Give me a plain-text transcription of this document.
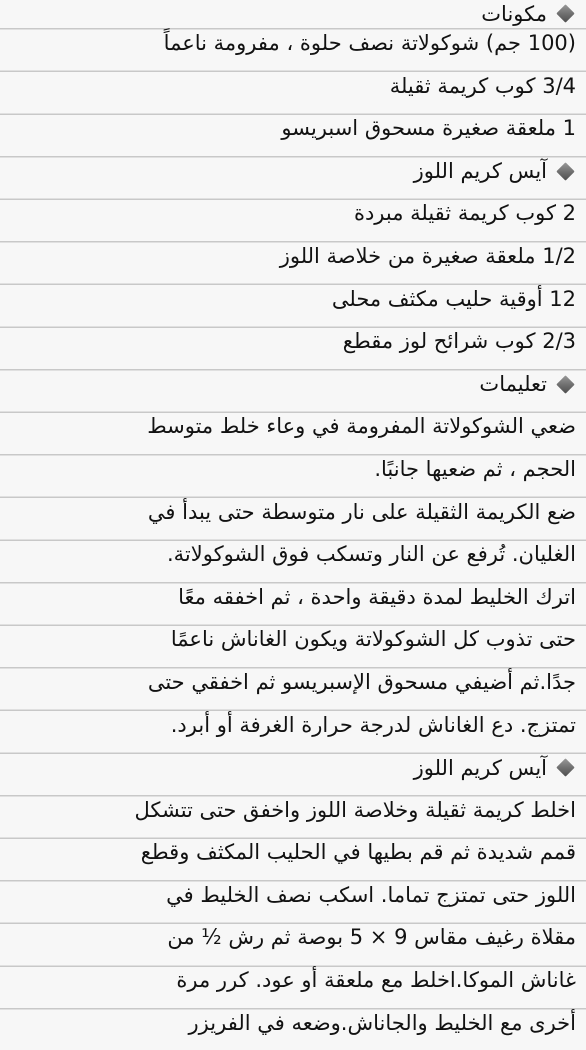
مكونات
(100 جم) شوكولاتة نصف حلوة ، مفرومة ناعماً
3/4 كوب كريمة ثقيلة
1 ملعقة صغيرة مسحوق اسبريسو
آيس كريم اللوز
2 كوب كريمة ثقيلة مبردة
1/2 ملعقة صغيرة من خلاصة اللوز
12 أوقية حليب مكثف محلى
2/3 كوب شرائح لوز مقطع
تعليمات
ضعي الشوكولاتة المفرومة في وعاء خلط متوسط
الحجم ، ثم ضعيها جانبًا.
ضع الكريمة الثقيلة على نار متوسطة حتى يبدأ في
الغليان. تُرفع عن النار وتسكب فوق الشوكولاتة.
اترك الخليط لمدة دقيقة واحدة ، ثم اخفقه معًا
حتى تذوب كل الشوكولاتة ويكون الغاناش ناعمًا
جدًا.ثم أضيفي مسحوق الإسبريسو ثم اخفقي حتى
تمتزج. دع الغاناش لدرجة حرارة الغرفة أو أبرد.
آيس كريم اللوز
اخلط كريمة ثقيلة وخلاصة اللوز واخفق حتى تتشكل
قمم شديدة ثم قم بطيها في الحليب المكثف وقطع
اللوز حتى تمتزج تماما. اسكب نصف الخليط في
مقلاة رغيف مقاس 9 × 5 بوصة ثم رش ½ من
غاناش الموكا.اخلط مع ملعقة أو عود. كرر مرة
أخرى مع الخليط والجاناش.وضعه في الفريزر
